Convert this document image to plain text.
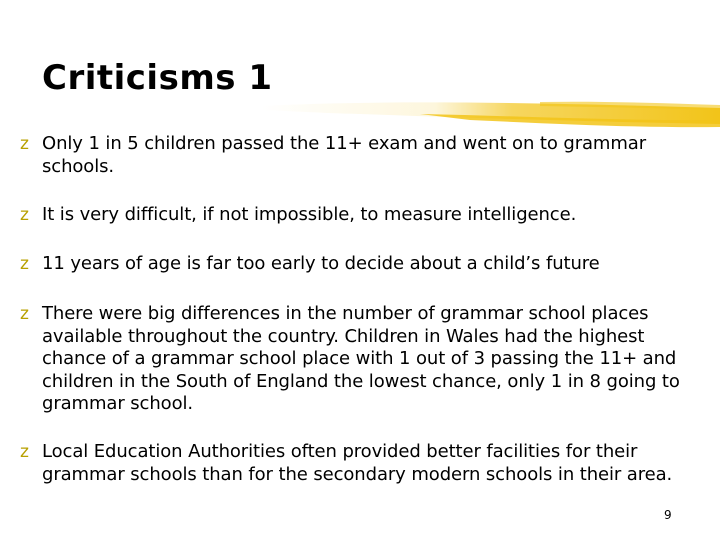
Criticisms 1
z Only 1 in 5 children passed the 11+ exam and went on to grammar schools.
z It is very difficult, if not impossible, to measure intelligence.
z 11 years of age is far too early to decide about a child’s future
z There were big differences in the number of grammar school places available throughout the country. Children in Wales had the highest chance of a grammar school place with 1 out of 3 passing the 11+ and children in the South of England the lowest chance, only 1 in 8 going to grammar school.
z Local Education Authorities often provided better facilities for their grammar schools than for the secondary modern schools in their area.
9
